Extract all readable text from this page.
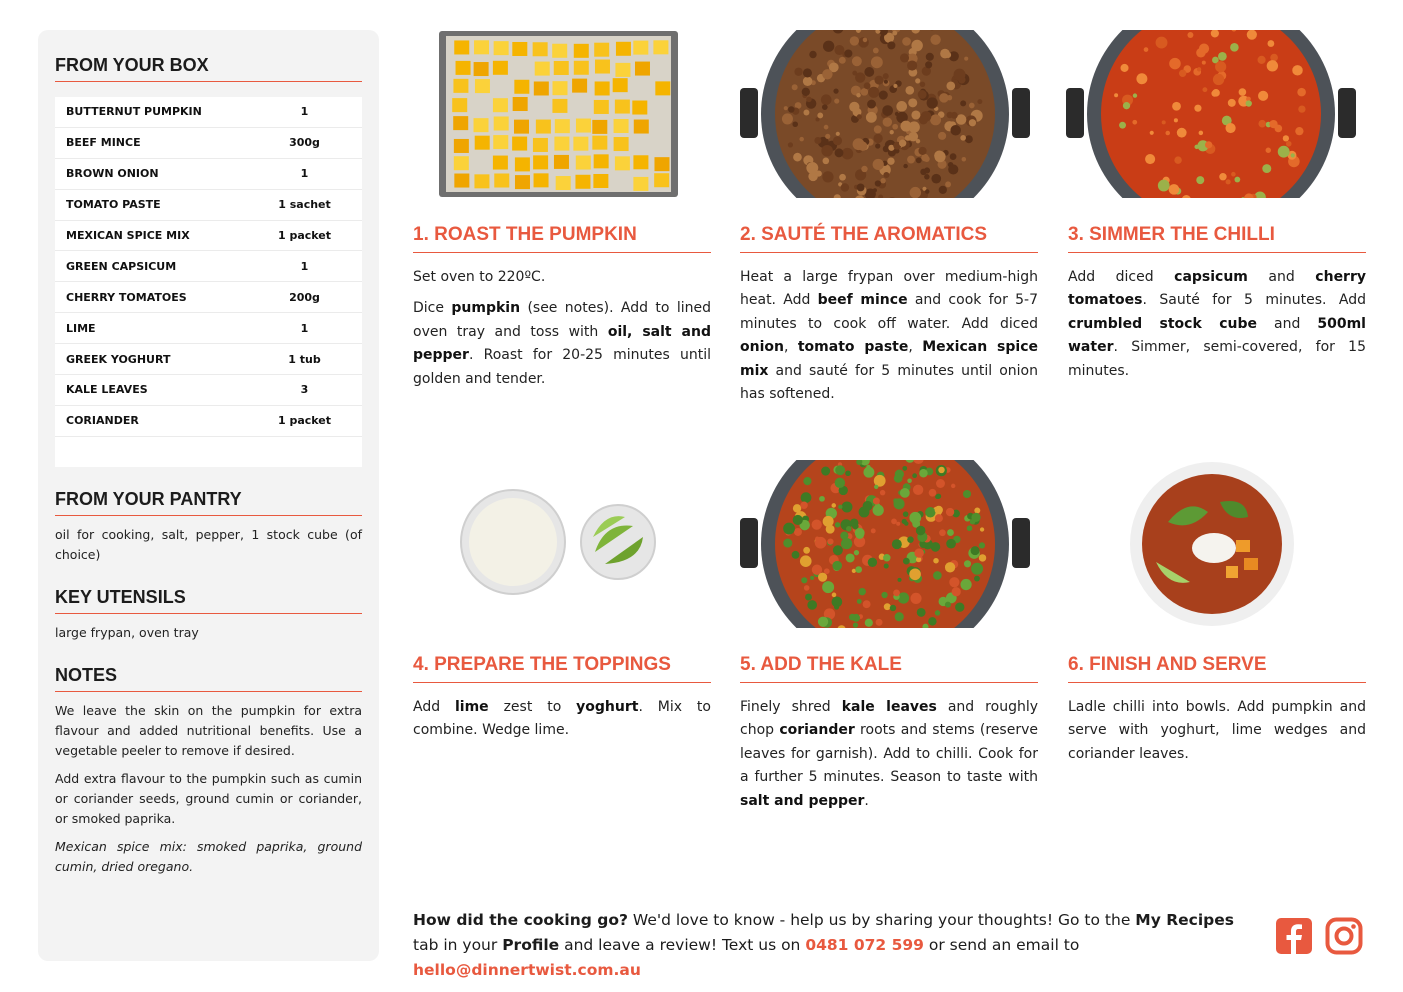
FROM YOUR BOX
BUTTERNUT PUMPKIN	1
BEEF MINCE	300g
BROWN ONION	1
TOMATO PASTE	1 sachet
MEXICAN SPICE MIX	1 packet
GREEN CAPSICUM	1
CHERRY TOMATOES	200g
LIME	1
GREEK YOGHURT	1 tub
KALE LEAVES	3
CORIANDER	1 packet
FROM YOUR PANTRY
oil for cooking, salt, pepper, 1 stock cube (of choice)
KEY UTENSILS
large frypan, oven tray
NOTES
We leave the skin on the pumpkin for extra flavour and added nutritional benefits. Use a vegetable peeler to remove if desired.
Add extra flavour to the pumpkin such as cumin or coriander seeds, ground cumin or coriander, or smoked paprika.
Mexican spice mix: smoked paprika, ground cumin, dried oregano.
1. ROAST THE PUMPKIN

Set oven to 220ºC.

Dice pumpkin (see notes). Add to lined oven tray and toss with oil, salt and pepper. Roast for 20-25 minutes until golden and tender.

2. SAUTÉ THE AROMATICS

Heat a large frypan over medium-high heat. Add beef mince and cook for 5-7 minutes to cook off water. Add diced onion, tomato paste, Mexican spice mix and sauté for 5 minutes until onion has softened.

3. SIMMER THE CHILLI

Add diced capsicum and cherry tomatoes. Sauté for 5 minutes. Add crumbled stock cube and 500ml water. Simmer, semi-covered, for 15 minutes.

4. PREPARE THE TOPPINGS

Add lime zest to yoghurt. Mix to combine. Wedge lime.

5. ADD THE KALE

Finely shred kale leaves and roughly chop coriander roots and stems (reserve leaves for garnish). Add to chilli. Cook for a further 5 minutes. Season to taste with salt and pepper.

6. FINISH AND SERVE

Ladle chilli into bowls. Add pumpkin and serve with yoghurt, lime wedges and coriander leaves.

How did the cooking go? We'd love to know - help us by sharing your thoughts! Go to the My Recipes tab in your Profile and leave a review! Text us on 0481 072 599 or send an email to hello@dinnertwist.com.au
